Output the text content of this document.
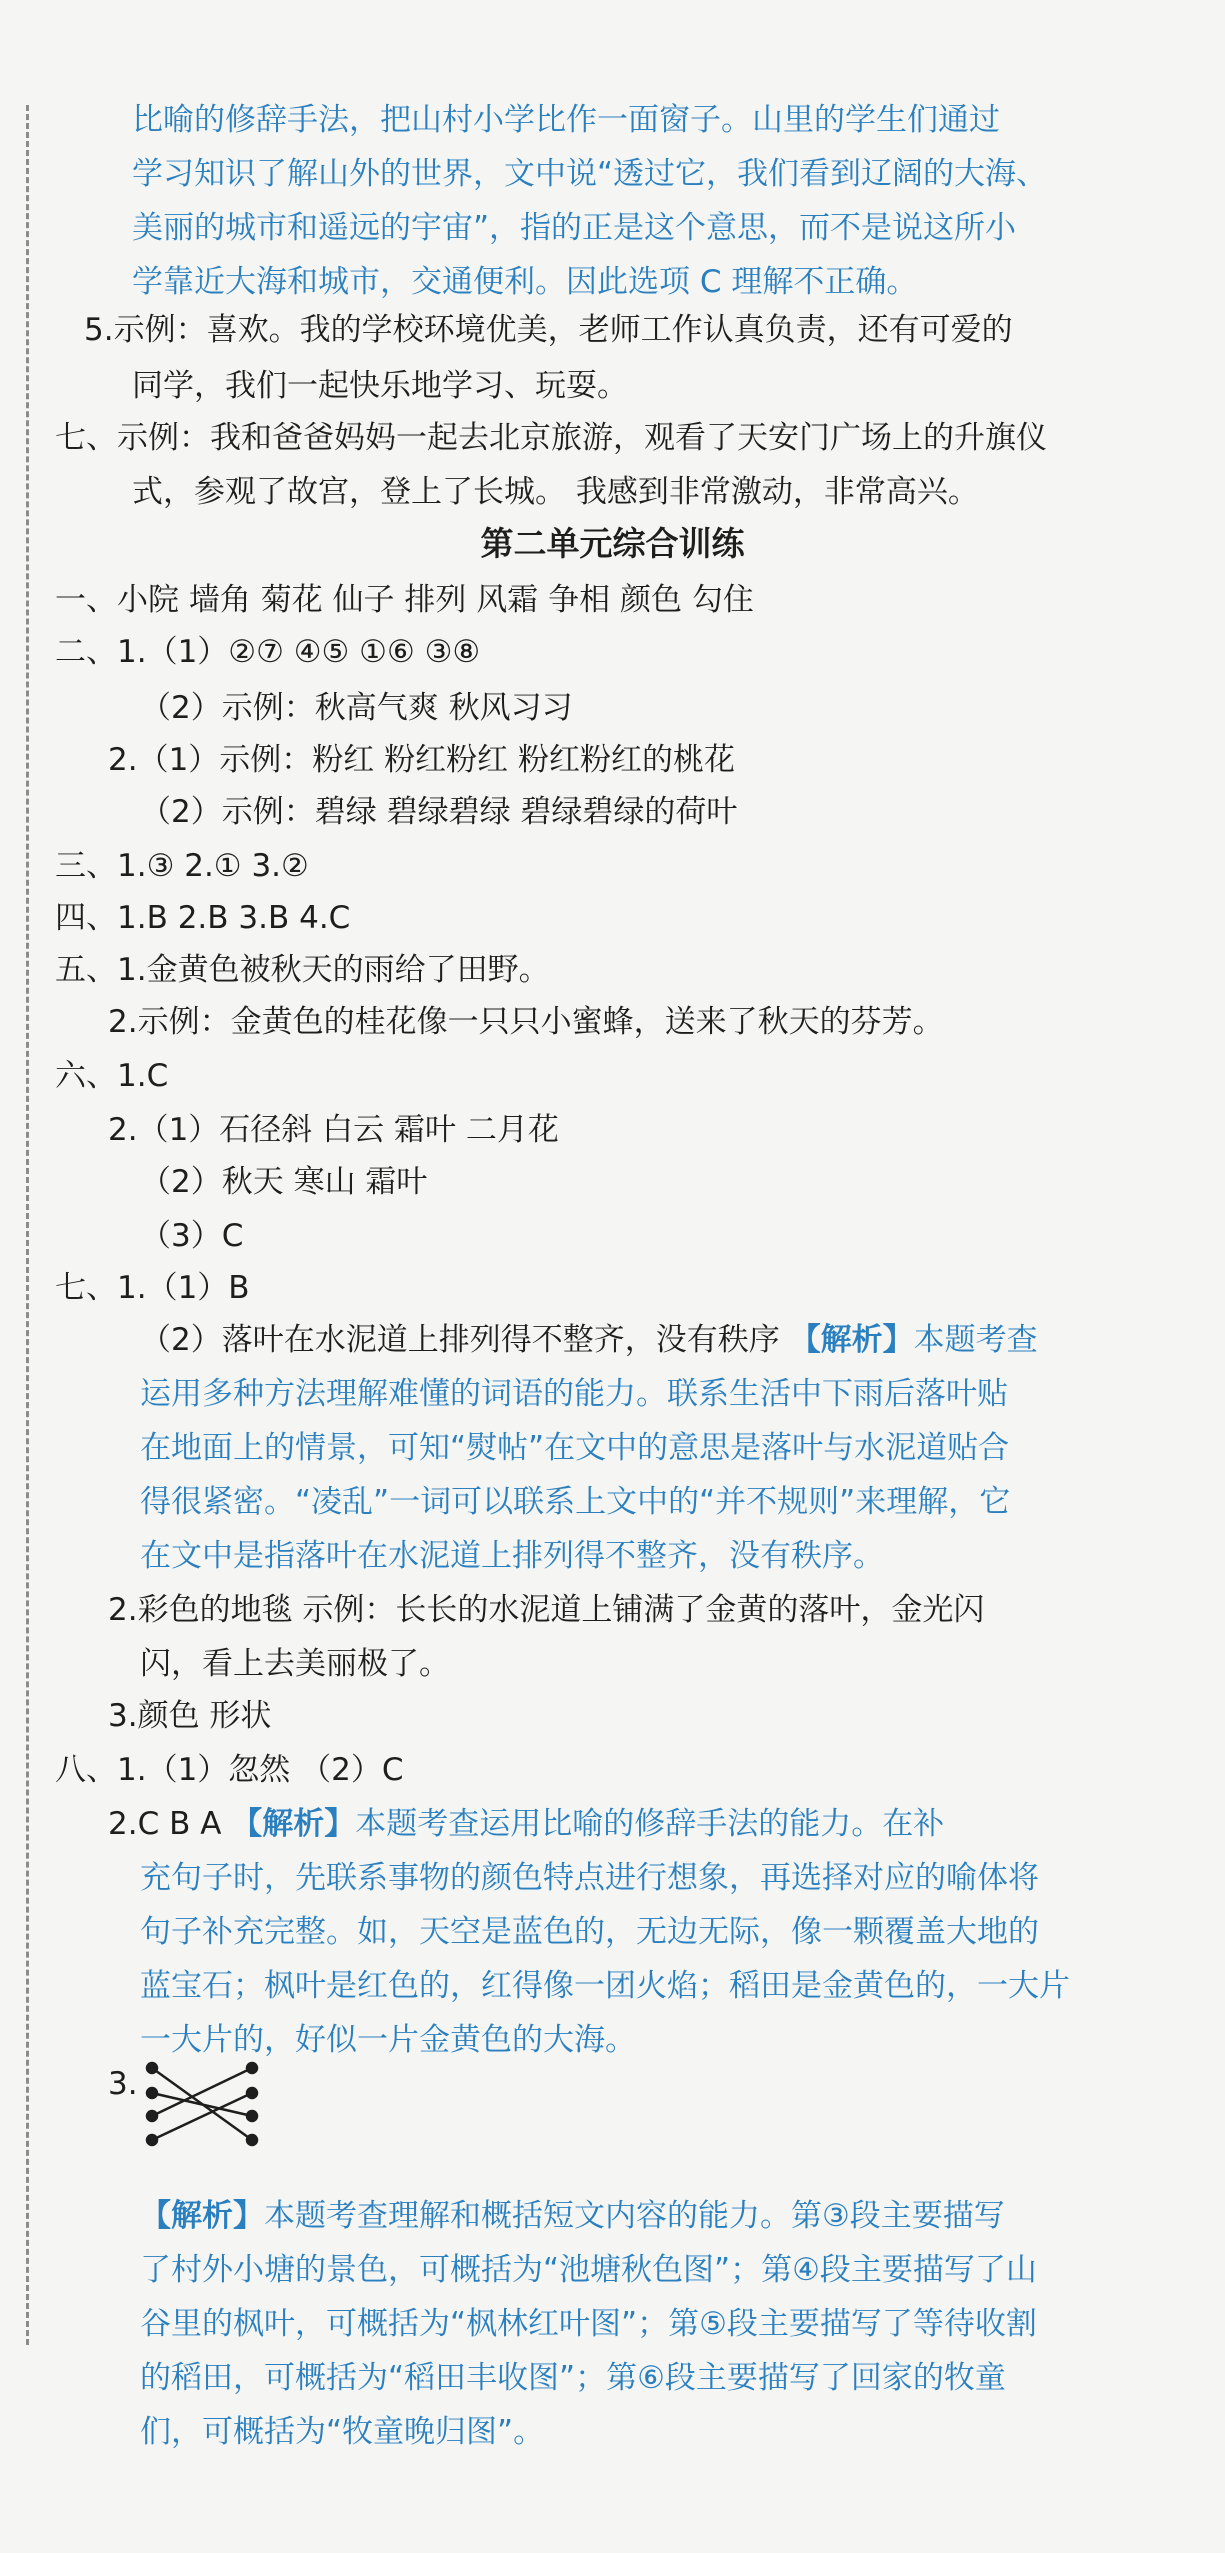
比喻的修辞手法，把山村小学比作一面窗子。山里的学生们通过
学习知识了解山外的世界，文中说“透过它，我们看到辽阔的大海、
美丽的城市和遥远的宇宙”，指的正是这个意思，而不是说这所小
学靠近大海和城市，交通便利。因此选项 C 理解不正确。
5.示例：喜欢。我的学校环境优美，老师工作认真负责，还有可爱的
同学，我们一起快乐地学习、玩耍。
七、示例：我和爸爸妈妈一起去北京旅游，观看了天安门广场上的升旗仪
式，参观了故宫，登上了长城。 我感到非常激动，非常高兴。
第二单元综合训练
一、小院 墙角 菊花 仙子 排列 风霜 争相 颜色 勾住
二、1.（1）②⑦ ④⑤ ①⑥ ③⑧
（2）示例：秋高气爽 秋风习习
2.（1）示例：粉红 粉红粉红 粉红粉红的桃花
（2）示例：碧绿 碧绿碧绿 碧绿碧绿的荷叶
三、1.③ 2.① 3.②
四、1.B 2.B 3.B 4.C
五、1.金黄色被秋天的雨给了田野。
2.示例：金黄色的桂花像一只只小蜜蜂，送来了秋天的芬芳。
六、1.C
2.（1）石径斜 白云 霜叶 二月花
（2）秋天 寒山 霜叶
（3）C
七、1.（1）B
（2）落叶在水泥道上排列得不整齐，没有秩序 【解析】本题考查
运用多种方法理解难懂的词语的能力。联系生活中下雨后落叶贴
在地面上的情景，可知“熨帖”在文中的意思是落叶与水泥道贴合
得很紧密。“凌乱”一词可以联系上文中的“并不规则”来理解，它
在文中是指落叶在水泥道上排列得不整齐，没有秩序。
2.彩色的地毯 示例：长长的水泥道上铺满了金黄的落叶，金光闪
闪，看上去美丽极了。
3.颜色 形状
八、1.（1）忽然 （2）C
2.C B A 【解析】本题考查运用比喻的修辞手法的能力。在补
充句子时，先联系事物的颜色特点进行想象，再选择对应的喻体将
句子补充完整。如，天空是蓝色的，无边无际，像一颗覆盖大地的
蓝宝石；枫叶是红色的，红得像一团火焰；稻田是金黄色的，一大片
一大片的，好似一片金黄色的大海。
3.
【解析】本题考查理解和概括短文内容的能力。第③段主要描写
了村外小塘的景色，可概括为“池塘秋色图”；第④段主要描写了山
谷里的枫叶，可概括为“枫林红叶图”；第⑤段主要描写了等待收割
的稻田，可概括为“稻田丰收图”；第⑥段主要描写了回家的牧童
们，可概括为“牧童晚归图”。
